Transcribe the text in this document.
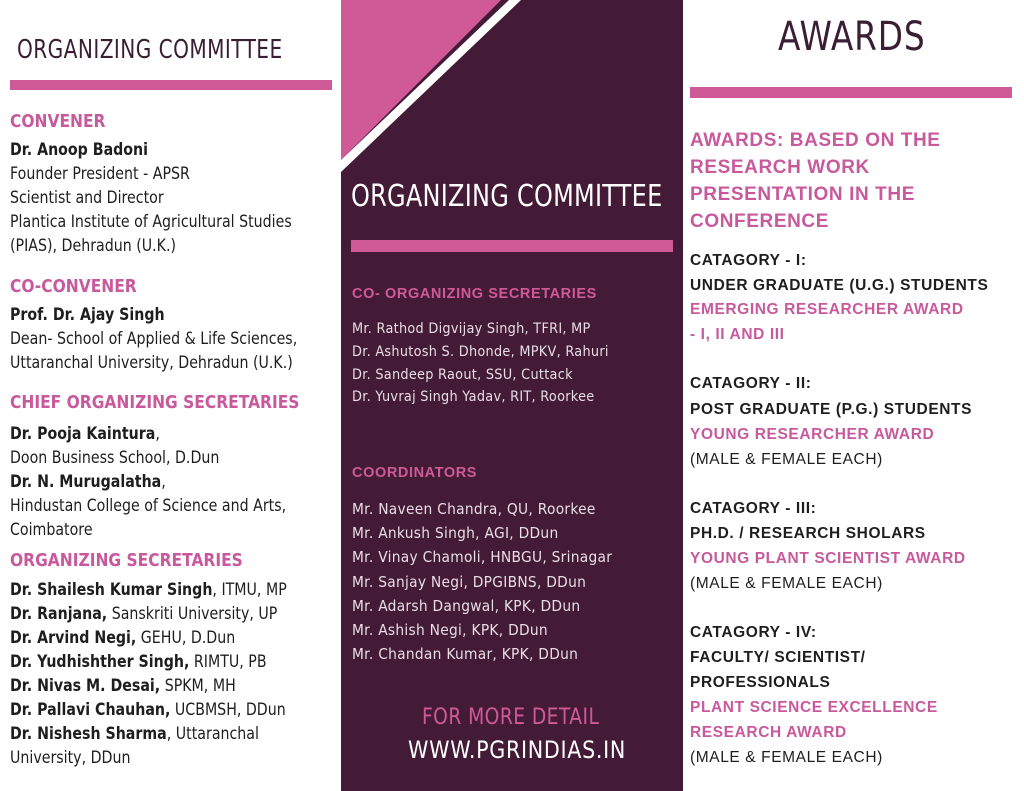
ORGANIZING COMMITTEE
CONVENER
Dr. Anoop Badoni
Founder President - APSR
Scientist and Director
Plantica Institute of Agricultural Studies
(PIAS), Dehradun (U.K.)
CO-CONVENER
Prof. Dr. Ajay Singh
Dean- School of Applied & Life Sciences,
Uttaranchal University, Dehradun (U.K.)
CHIEF ORGANIZING SECRETARIES
Dr. Pooja Kaintura,
Doon Business School, D.Dun
Dr. N. Murugalatha,
Hindustan College of Science and Arts,
Coimbatore
ORGANIZING SECRETARIES
Dr. Shailesh Kumar Singh, ITMU, MP
Dr. Ranjana, Sanskriti University, UP
Dr. Arvind Negi, GEHU, D.Dun
Dr. Yudhishther Singh, RIMTU, PB
Dr. Nivas M. Desai, SPKM, MH
Dr. Pallavi Chauhan, UCBMSH, DDun
Dr. Nishesh Sharma, Uttaranchal
University, DDun
ORGANIZING COMMITTEE
CO- ORGANIZING SECRETARIES
Mr. Rathod Digvijay Singh, TFRI, MP
Dr. Ashutosh S. Dhonde, MPKV, Rahuri
Dr. Sandeep Raout, SSU, Cuttack
Dr. Yuvraj Singh Yadav, RIT, Roorkee
COORDINATORS
Mr. Naveen Chandra, QU, Roorkee
Mr. Ankush Singh, AGI, DDun
Mr. Vinay Chamoli, HNBGU, Srinagar
Mr. Sanjay Negi, DPGIBNS, DDun
Mr. Adarsh Dangwal, KPK, DDun
Mr. Ashish Negi, KPK, DDun
Mr. Chandan Kumar, KPK, DDun
FOR MORE DETAIL
WWW.PGRINDIAS.IN
AWARDS
AWARDS: BASED ON THE
RESEARCH WORK
PRESENTATION IN THE
CONFERENCE
CATAGORY - I:
UNDER GRADUATE (U.G.) STUDENTS
EMERGING RESEARCHER AWARD
- I, II AND III
CATAGORY - II:
POST GRADUATE (P.G.) STUDENTS
YOUNG RESEARCHER AWARD
(MALE & FEMALE EACH)
CATAGORY - III:
PH.D. / RESEARCH SHOLARS
YOUNG PLANT SCIENTIST AWARD
(MALE & FEMALE EACH)
CATAGORY - IV:
FACULTY/ SCIENTIST/
PROFESSIONALS
PLANT SCIENCE EXCELLENCE
RESEARCH AWARD
(MALE & FEMALE EACH)
